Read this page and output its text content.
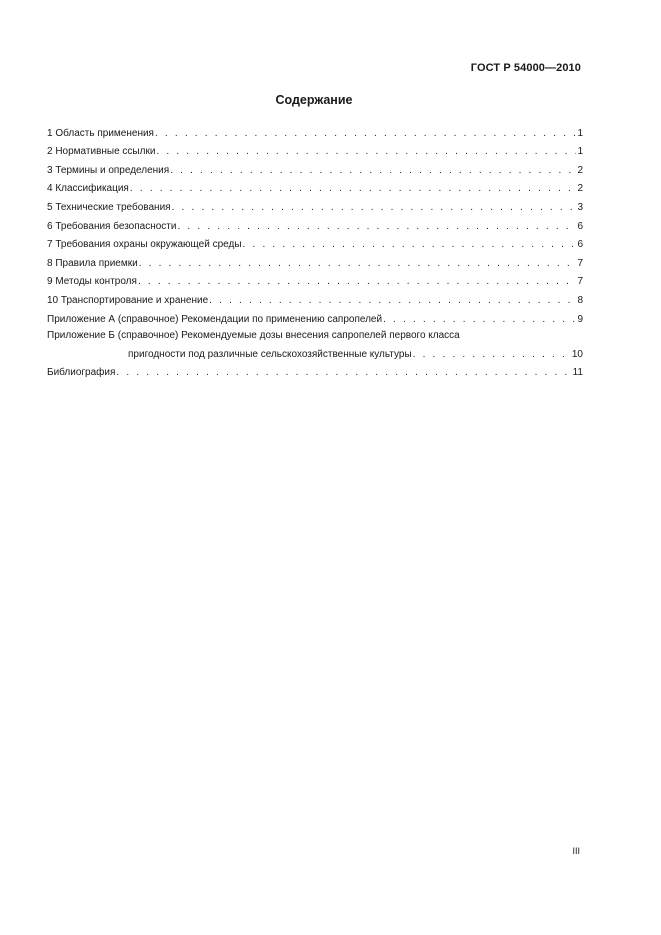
ГОСТ Р 54000—2010
Содержание
1 Область применения . . .	1
2 Нормативные ссылки . . .	1
3 Термины и определения . . .	2
4 Классификация . . .	2
5 Технические требования . . .	3
6 Требования безопасности . . .	6
7 Требования охраны окружающей среды . . .	6
8 Правила приемки . . .	7
9 Методы контроля . . .	7
10 Транспортирование и хранение . . .	8
Приложение А (справочное) Рекомендации по применению сапропелей . . .	9
Приложение Б (справочное) Рекомендуемые дозы внесения сапропелей первого класса
пригодности под различные сельскохозяйственные культуры . . .	10
Библиография . . .	11
III
